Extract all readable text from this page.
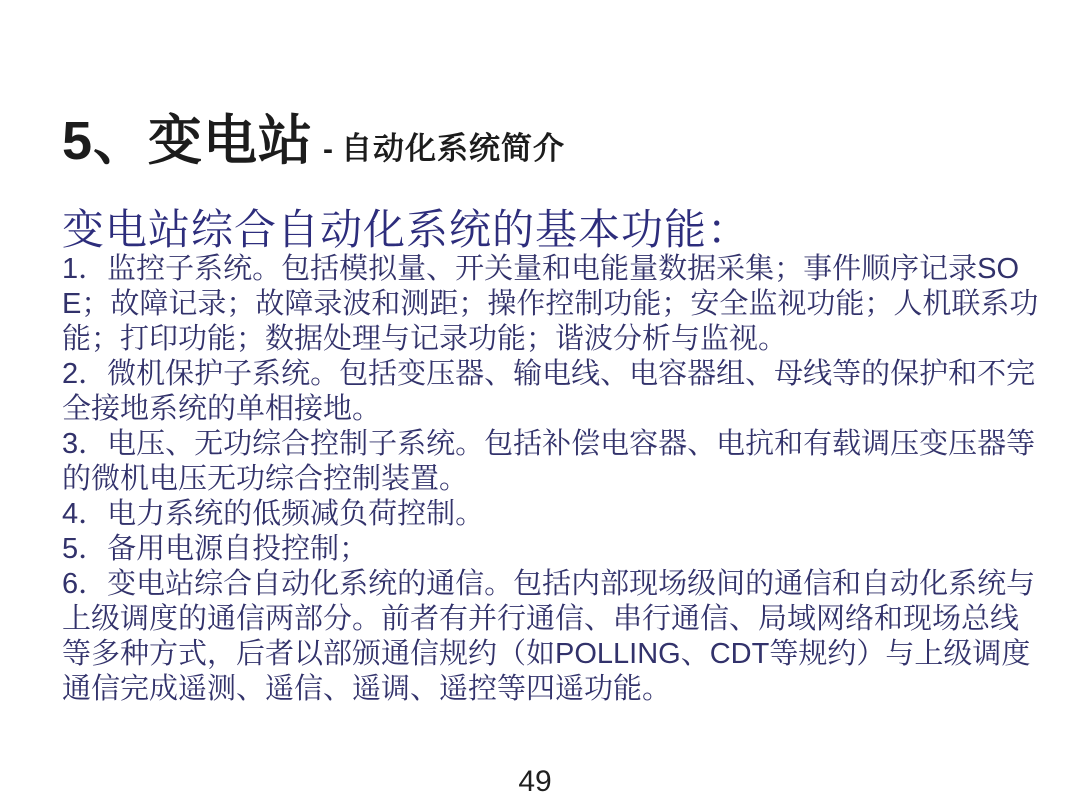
5、变电站 - 自动化系统简介
变电站综合自动化系统的基本功能：

1．监控子系统。包括模拟量、开关量和电能量数据采集；事件顺序记录SOE；故障记录；故障录波和测距；操作控制功能；安全监视功能；人机联系功能；打印功能；数据处理与记录功能；谐波分析与监视。

2．微机保护子系统。包括变压器、输电线、电容器组、母线等的保护和不完全接地系统的单相接地。

3．电压、无功综合控制子系统。包括补偿电容器、电抗和有载调压变压器等的微机电压无功综合控制装置。

4．电力系统的低频减负荷控制。

5．备用电源自投控制；

6．变电站综合自动化系统的通信。包括内部现场级间的通信和自动化系统与上级调度的通信两部分。前者有并行通信、串行通信、局域网络和现场总线等多种方式，后者以部颁通信规约（如POLLING、CDT等规约）与上级调度通信完成遥测、遥信、遥调、遥控等四遥功能。

49
